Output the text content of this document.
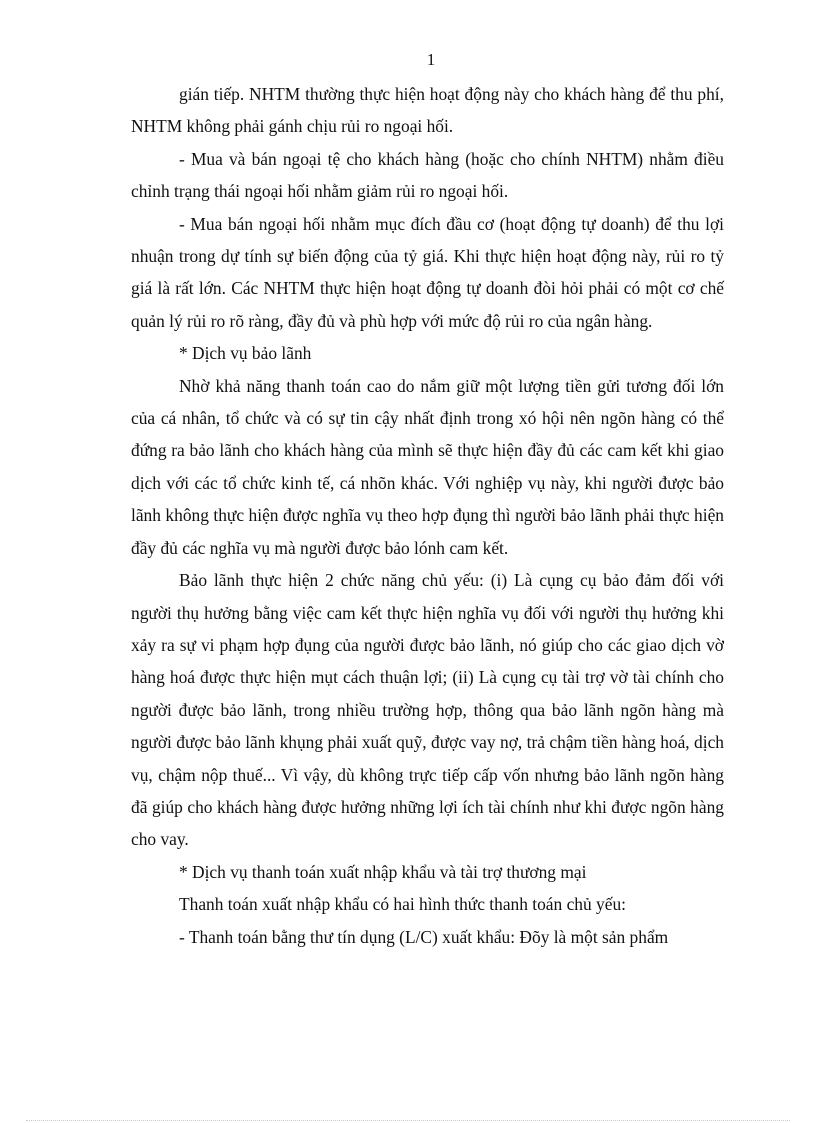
1

gián tiếp. NHTM thường thực hiện hoạt động này cho khách hàng để thu phí, NHTM không phải gánh chịu rủi ro ngoại hối.

- Mua và bán ngoại tệ cho khách hàng (hoặc cho chính NHTM) nhằm điều chỉnh trạng thái ngoại hối nhằm giảm rủi ro ngoại hối.

- Mua bán ngoại hối nhằm mục đích đầu cơ (hoạt động tự doanh) để thu lợi nhuận trong dự tính sự biến động của tỷ giá. Khi thực hiện hoạt động này, rủi ro tỷ giá là rất lớn. Các NHTM thực hiện hoạt động tự doanh đòi hỏi phải có một cơ chế quản lý rủi ro rõ ràng, đầy đủ và phù hợp với mức độ rủi ro của ngân hàng.

* Dịch vụ bảo lãnh

Nhờ khả năng thanh toán cao do nắm giữ một lượng tiền gửi tương đối lớn của cá nhân, tổ chức và có sự tin cậy nhất định trong xó hội nên ngõn hàng có thể đứng ra bảo lãnh cho khách hàng của mình sẽ thực hiện đầy đủ các cam kết khi giao dịch với các tổ chức kinh tế, cá nhõn khác. Với nghiệp vụ này, khi người được bảo lãnh không thực hiện được nghĩa vụ theo hợp đụng thì người bảo lãnh phải thực hiện đầy đủ các nghĩa vụ mà người được bảo lónh cam kết.

Bảo lãnh thực hiện 2 chức năng chủ yếu: (i) Là cụng cụ bảo đảm đối với người thụ hưởng bằng việc cam kết thực hiện nghĩa vụ đối với người thụ hưởng khi xảy ra sự vi phạm hợp đụng của người được bảo lãnh, nó giúp cho các giao dịch vờ hàng hoá được thực hiện mụt cách thuận lợi; (ii) Là cụng cụ tài trợ vờ tài chính cho người được bảo lãnh, trong nhiều trường hợp, thông qua bảo lãnh ngõn hàng mà người được bảo lãnh khụng phải xuất quỹ, được vay nợ, trả chậm tiền hàng hoá, dịch vụ, chậm nộp thuế... Vì vậy, dù không trực tiếp cấp vốn nhưng bảo lãnh ngõn hàng đã giúp cho khách hàng được hưởng những lợi ích tài chính như khi được ngõn hàng cho vay.

* Dịch vụ thanh toán xuất nhập khẩu và tài trợ thương mại

Thanh toán xuất nhập khẩu có hai hình thức thanh toán chủ yếu:

- Thanh toán bằng thư tín dụng (L/C) xuất khẩu: Đõy là một sản phẩm
